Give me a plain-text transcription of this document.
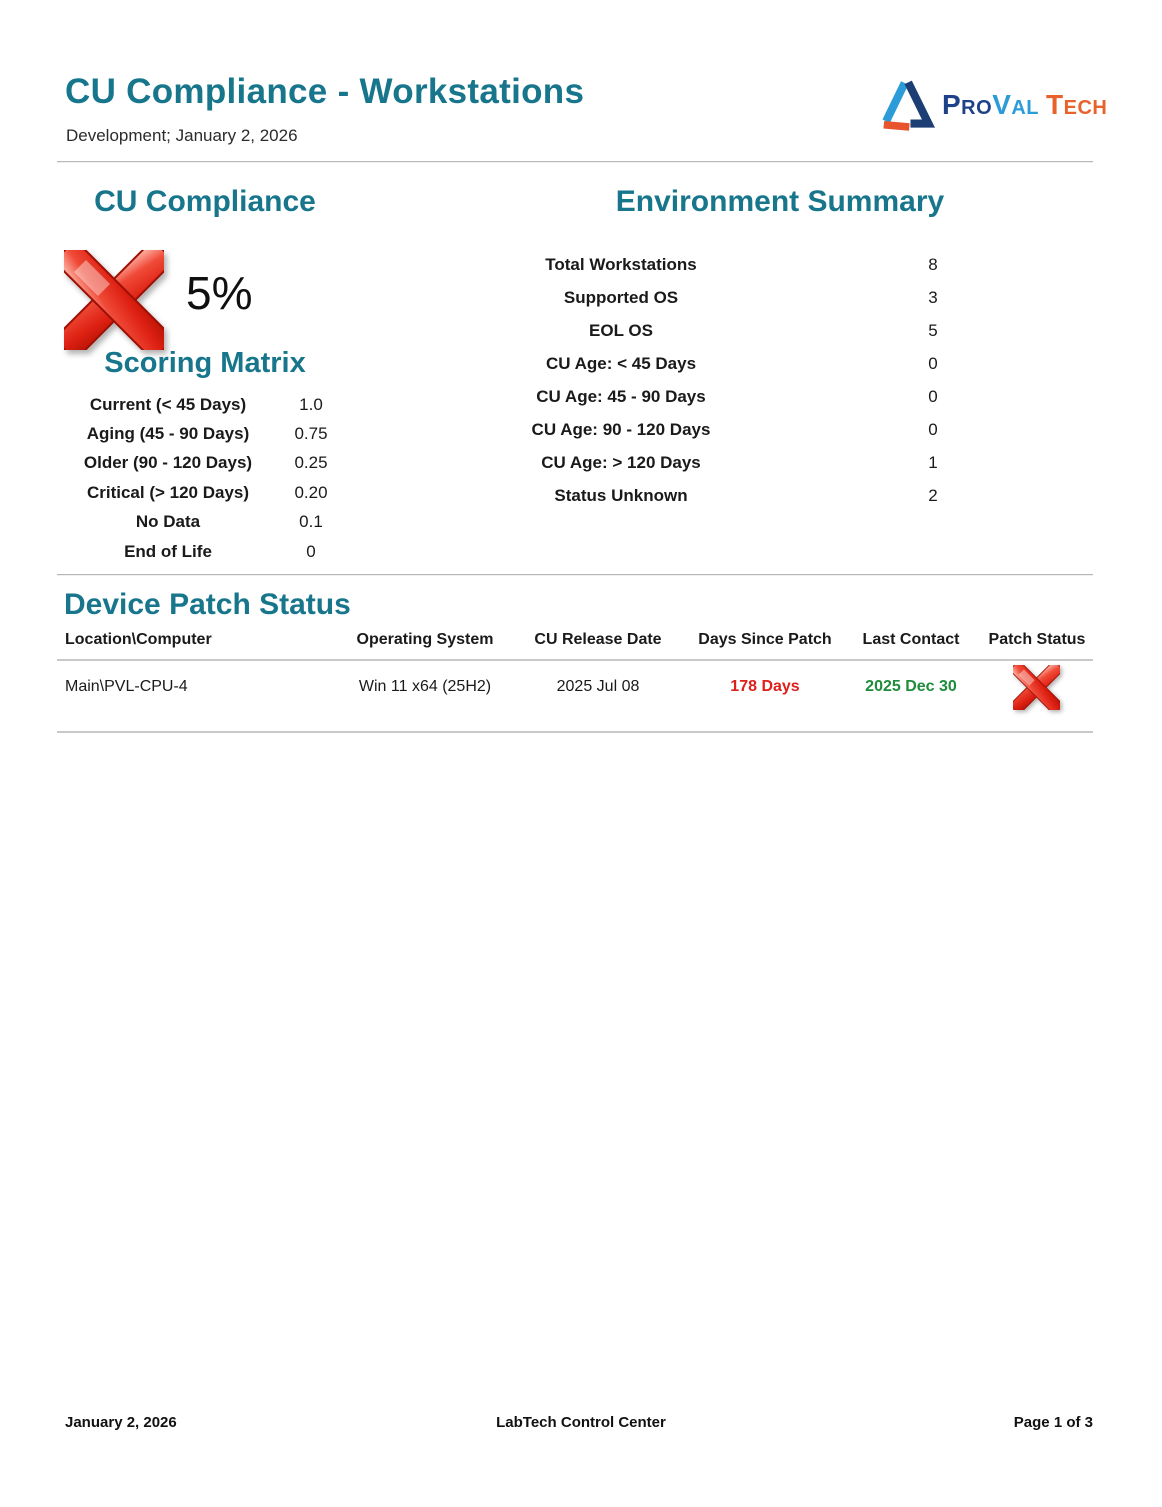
CU Compliance - Workstations
Development; January 2, 2026
ProVal Tech
CU Compliance
5%
Scoring Matrix
Current (< 45 Days)	1.0
Aging (45 - 90 Days)	0.75
Older (90 - 120 Days)	0.25
Critical (> 120 Days)	0.20
No Data	0.1
End of Life	0
Environment Summary
Total Workstations	8
Supported OS	3
EOL OS	5
CU Age: < 45 Days	0
CU Age: 45 - 90 Days	0
CU Age: 90 - 120 Days	0
CU Age: > 120 Days	1
Status Unknown	2
Device Patch Status
Location\Computer	Operating System	CU Release Date	Days Since Patch	Last Contact	Patch Status
Main\PVL-CPU-4	Win 11 x64 (25H2)	2025 Jul 08	178 Days	2025 Dec 30
January 2, 2026	LabTech Control Center	Page 1 of 3
